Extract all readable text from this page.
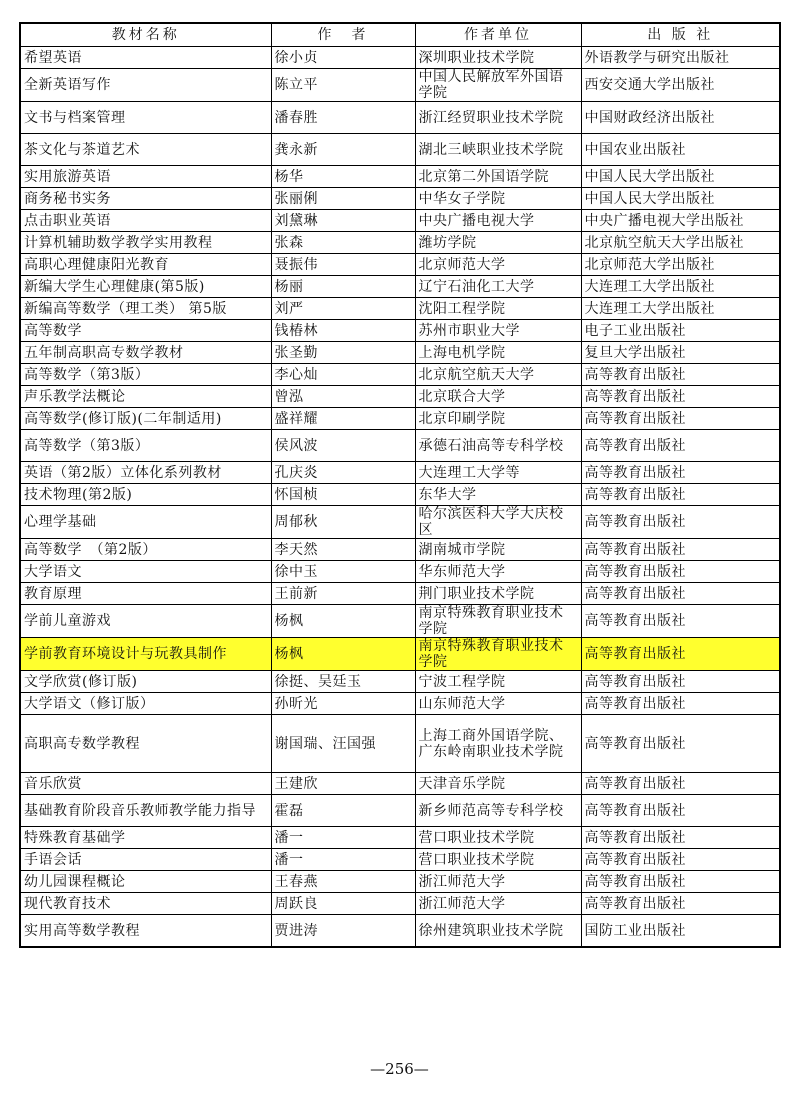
教材名称	作　者	作者单位	出 版 社
希望英语	徐小贞	深圳职业技术学院	外语教学与研究出版社
全新英语写作	陈立平	中国人民解放军外国语学院	西安交通大学出版社
文书与档案管理	潘春胜	浙江经贸职业技术学院	中国财政经济出版社
茶文化与茶道艺术	龚永新	湖北三峡职业技术学院	中国农业出版社
实用旅游英语	杨华	北京第二外国语学院	中国人民大学出版社
商务秘书实务	张丽俐	中华女子学院	中国人民大学出版社
点击职业英语	刘黛琳	中央广播电视大学	中央广播电视大学出版社
计算机辅助数学教学实用教程	张森	潍坊学院	北京航空航天大学出版社
高职心理健康阳光教育	聂振伟	北京师范大学	北京师范大学出版社
新编大学生心理健康(第5版)	杨丽	辽宁石油化工大学	大连理工大学出版社
新编高等数学（理工类） 第5版	刘严	沈阳工程学院	大连理工大学出版社
高等数学	钱椿林	苏州市职业大学	电子工业出版社
五年制高职高专数学教材	张圣勤	上海电机学院	复旦大学出版社
高等数学（第3版）	李心灿	北京航空航天大学	高等教育出版社
声乐教学法概论	曾泓	北京联合大学	高等教育出版社
高等数学(修订版)(二年制适用)	盛祥耀	北京印刷学院	高等教育出版社
高等数学（第3版）	侯风波	承德石油高等专科学校	高等教育出版社
英语（第2版）立体化系列教材	孔庆炎	大连理工大学等	高等教育出版社
技术物理(第2版)	怀国桢	东华大学	高等教育出版社
心理学基础	周郁秋	哈尔滨医科大学大庆校区	高等教育出版社
高等数学　（第2版）	李天然	湖南城市学院	高等教育出版社
大学语文	徐中玉	华东师范大学	高等教育出版社
教育原理	王前新	荆门职业技术学院	高等教育出版社
学前儿童游戏	杨枫	南京特殊教育职业技术学院	高等教育出版社
学前教育环境设计与玩教具制作	杨枫	南京特殊教育职业技术学院	高等教育出版社
文学欣赏(修订版)	徐挺、吴廷玉	宁波工程学院	高等教育出版社
大学语文（修订版）	孙昕光	山东师范大学	高等教育出版社
高职高专数学教程	谢国瑞、汪国强	上海工商外国语学院、广东岭南职业技术学院	高等教育出版社
音乐欣赏	王建欣	天津音乐学院	高等教育出版社
基础教育阶段音乐教师教学能力指导	霍磊	新乡师范高等专科学校	高等教育出版社
特殊教育基础学	潘一	营口职业技术学院	高等教育出版社
手语会话	潘一	营口职业技术学院	高等教育出版社
幼儿园课程概论	王春燕	浙江师范大学	高等教育出版社
现代教育技术	周跃良	浙江师范大学	高等教育出版社
实用高等数学教程	贾进涛	徐州建筑职业技术学院	国防工业出版社
—256—
